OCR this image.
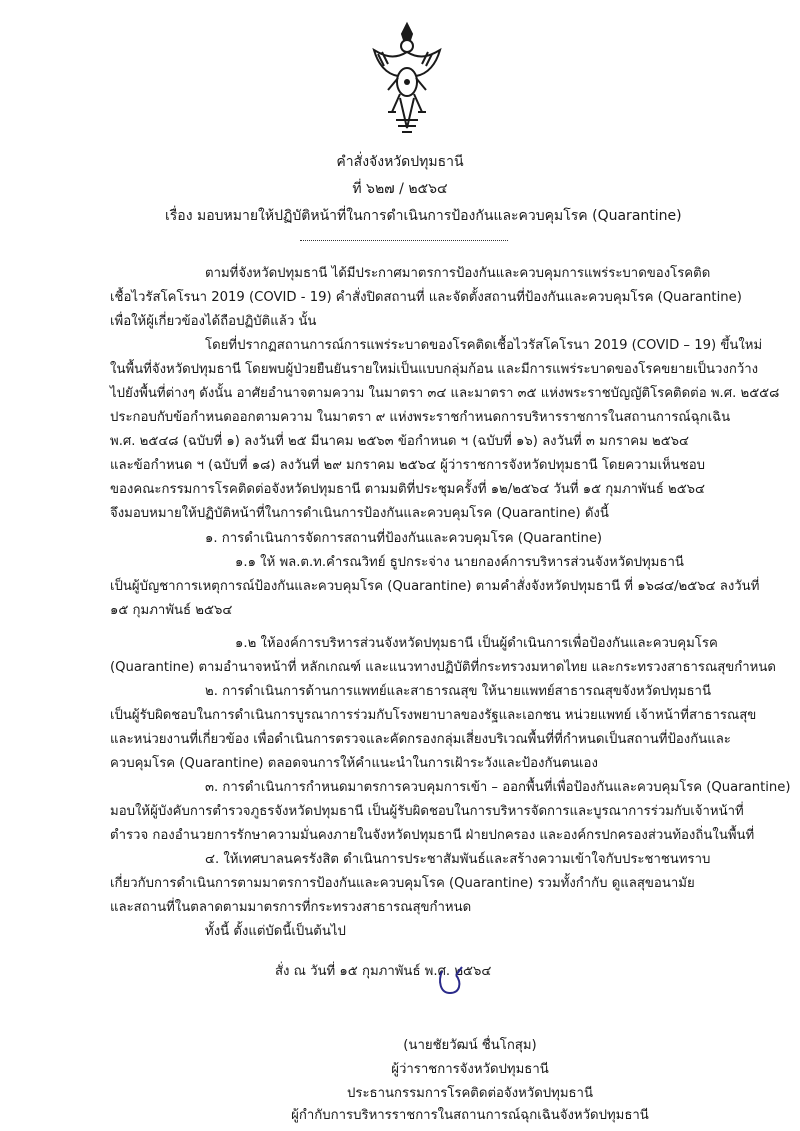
คำสั่งจังหวัดปทุมธานี
ที่ ๖๒๗ / ๒๕๖๔
เรื่อง มอบหมายให้ปฏิบัติหน้าที่ในการดำเนินการป้องกันและควบคุมโรค (Quarantine)
ตามที่จังหวัดปทุมธานี ได้มีประกาศมาตรการป้องกันและควบคุมการแพร่ระบาดของโรคติด
เชื้อไวรัสโคโรนา 2019 (COVID - 19) คำสั่งปิดสถานที่ และจัดตั้งสถานที่ป้องกันและควบคุมโรค (Quarantine)
เพื่อให้ผู้เกี่ยวข้องได้ถือปฏิบัติแล้ว นั้น
โดยที่ปรากฏสถานการณ์การแพร่ระบาดของโรคติดเชื้อไวรัสโคโรนา 2019 (COVID – 19) ขึ้นใหม่
ในพื้นที่จังหวัดปทุมธานี โดยพบผู้ป่วยยืนยันรายใหม่เป็นแบบกลุ่มก้อน และมีการแพร่ระบาดของโรคขยายเป็นวงกว้าง
ไปยังพื้นที่ต่างๆ ดังนั้น อาศัยอำนาจตามความ ในมาตรา ๓๔ และมาตรา ๓๕ แห่งพระราชบัญญัติโรคติดต่อ พ.ศ. ๒๕๕๘
ประกอบกับข้อกำหนดออกตามความ ในมาตรา ๙ แห่งพระราชกำหนดการบริหารราชการในสถานการณ์ฉุกเฉิน
พ.ศ. ๒๕๔๘ (ฉบับที่ ๑) ลงวันที่ ๒๕ มีนาคม ๒๕๖๓ ข้อกำหนด ฯ (ฉบับที่ ๑๖) ลงวันที่ ๓ มกราคม ๒๕๖๔
และข้อกำหนด ฯ (ฉบับที่ ๑๘) ลงวันที่ ๒๙ มกราคม ๒๕๖๔ ผู้ว่าราชการจังหวัดปทุมธานี โดยความเห็นชอบ
ของคณะกรรมการโรคติดต่อจังหวัดปทุมธานี ตามมติที่ประชุมครั้งที่ ๑๒/๒๕๖๔ วันที่ ๑๕ กุมภาพันธ์ ๒๕๖๔
จึงมอบหมายให้ปฏิบัติหน้าที่ในการดำเนินการป้องกันและควบคุมโรค (Quarantine) ดังนี้
๑. การดำเนินการจัดการสถานที่ป้องกันและควบคุมโรค (Quarantine)
๑.๑ ให้ พล.ต.ท.คำรณวิทย์ ธูปกระจ่าง นายกองค์การบริหารส่วนจังหวัดปทุมธานี
เป็นผู้บัญชาการเหตุการณ์ป้องกันและควบคุมโรค (Quarantine) ตามคำสั่งจังหวัดปทุมธานี ที่ ๑๖๘๔/๒๕๖๔ ลงวันที่
๑๕ กุมภาพันธ์ ๒๕๖๔
๑.๒ ให้องค์การบริหารส่วนจังหวัดปทุมธานี เป็นผู้ดำเนินการเพื่อป้องกันและควบคุมโรค
(Quarantine) ตามอำนาจหน้าที่ หลักเกณฑ์ และแนวทางปฏิบัติที่กระทรวงมหาดไทย และกระทรวงสาธารณสุขกำหนด
๒. การดำเนินการด้านการแพทย์และสาธารณสุข ให้นายแพทย์สาธารณสุขจังหวัดปทุมธานี
เป็นผู้รับผิดชอบในการดำเนินการบูรณาการร่วมกับโรงพยาบาลของรัฐและเอกชน หน่วยแพทย์ เจ้าหน้าที่สาธารณสุข
และหน่วยงานที่เกี่ยวข้อง เพื่อดำเนินการตรวจและคัดกรองกลุ่มเสี่ยงบริเวณพื้นที่ที่กำหนดเป็นสถานที่ป้องกันและ
ควบคุมโรค (Quarantine) ตลอดจนการให้คำแนะนำในการเฝ้าระวังและป้องกันตนเอง
๓. การดำเนินการกำหนดมาตรการควบคุมการเข้า – ออกพื้นที่เพื่อป้องกันและควบคุมโรค (Quarantine)
มอบให้ผู้บังคับการตำรวจภูธรจังหวัดปทุมธานี เป็นผู้รับผิดชอบในการบริหารจัดการและบูรณาการร่วมกับเจ้าหน้าที่
ตำรวจ กองอำนวยการรักษาความมั่นคงภายในจังหวัดปทุมธานี ฝ่ายปกครอง และองค์กรปกครองส่วนท้องถิ่นในพื้นที่
๔. ให้เทศบาลนครรังสิต ดำเนินการประชาสัมพันธ์และสร้างความเข้าใจกับประชาชนทราบ
เกี่ยวกับการดำเนินการตามมาตรการป้องกันและควบคุมโรค (Quarantine) รวมทั้งกำกับ ดูแลสุขอนามัย
และสถานที่ในตลาดตามมาตรการที่กระทรวงสาธารณสุขกำหนด
ทั้งนี้ ตั้งแต่บัดนี้เป็นต้นไป
สั่ง ณ วันที่ ๑๕ กุมภาพันธ์ พ.ศ. ๒๕๖๔
(นายชัยวัฒน์ ชื่นโกสุม)
ผู้ว่าราชการจังหวัดปทุมธานี
ประธานกรรมการโรคติดต่อจังหวัดปทุมธานี
ผู้กำกับการบริหารราชการในสถานการณ์ฉุกเฉินจังหวัดปทุมธานี
